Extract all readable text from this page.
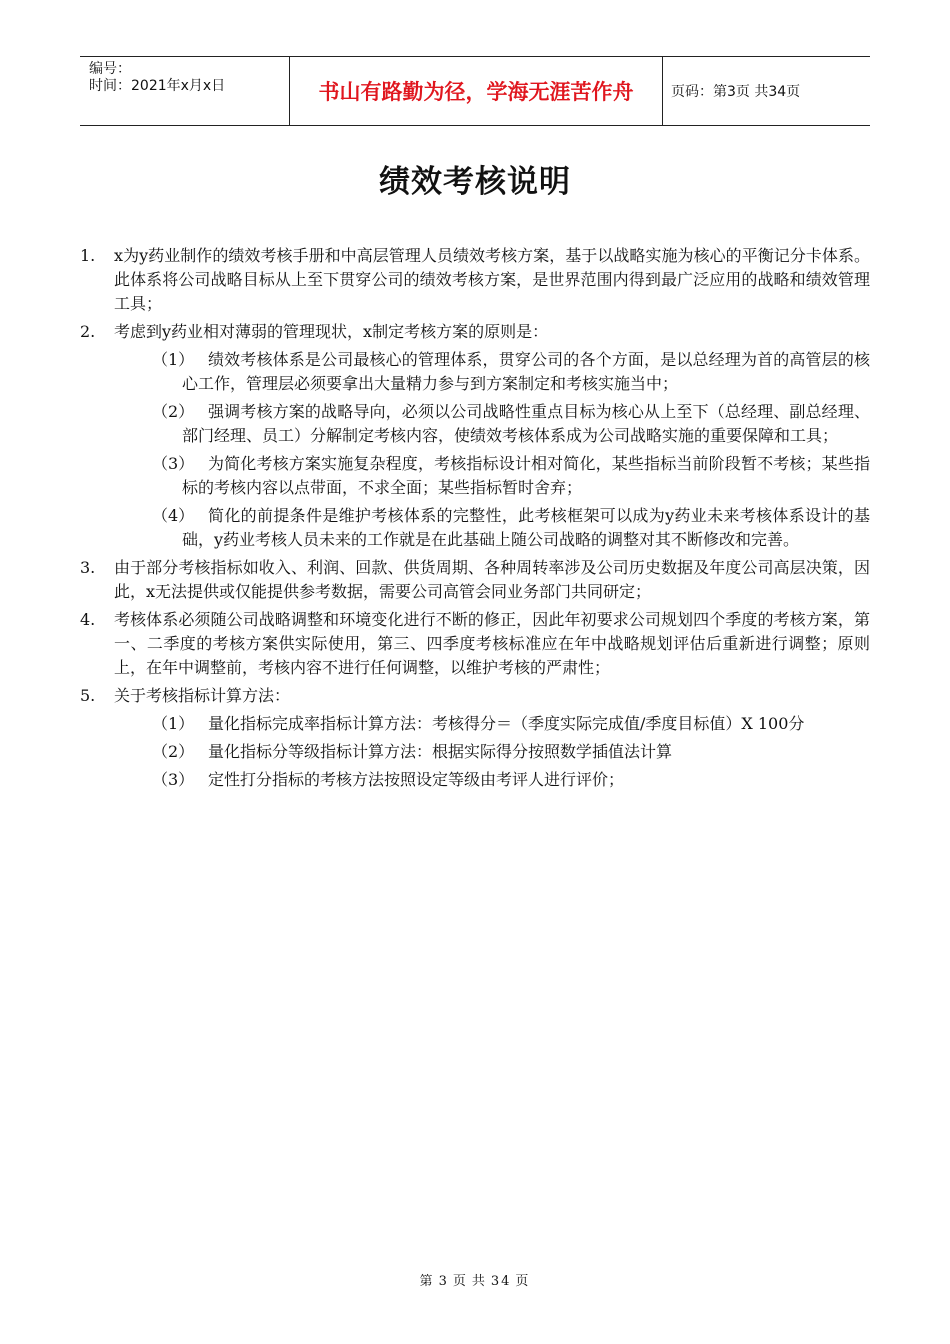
编号：
时间：2021年x月x日	书山有路勤为径，学海无涯苦作舟	页码：第3页 共34页
绩效考核说明
1. x为y药业制作的绩效考核手册和中高层管理人员绩效考核方案，基于以战略实施为核心的平衡记分卡体系。此体系将公司战略目标从上至下贯穿公司的绩效考核方案，是世界范围内得到最广泛应用的战略和绩效管理工具；
2. 考虑到y药业相对薄弱的管理现状，x制定考核方案的原则是：
（1） 绩效考核体系是公司最核心的管理体系，贯穿公司的各个方面，是以总经理为首的高管层的核心工作，管理层必须要拿出大量精力参与到方案制定和考核实施当中；
（2） 强调考核方案的战略导向，必须以公司战略性重点目标为核心从上至下（总经理、副总经理、部门经理、员工）分解制定考核内容，使绩效考核体系成为公司战略实施的重要保障和工具；
（3） 为简化考核方案实施复杂程度，考核指标设计相对简化，某些指标当前阶段暂不考核；某些指标的考核内容以点带面，不求全面；某些指标暂时舍弃；
（4） 简化的前提条件是维护考核体系的完整性，此考核框架可以成为y药业未来考核体系设计的基础，y药业考核人员未来的工作就是在此基础上随公司战略的调整对其不断修改和完善。
3. 由于部分考核指标如收入、利润、回款、供货周期、各种周转率涉及公司历史数据及年度公司高层决策，因此，x无法提供或仅能提供参考数据，需要公司高管会同业务部门共同研定；
4. 考核体系必须随公司战略调整和环境变化进行不断的修正，因此年初要求公司规划四个季度的考核方案，第一、二季度的考核方案供实际使用，第三、四季度考核标准应在年中战略规划评估后重新进行调整；原则上，在年中调整前，考核内容不进行任何调整，以维护考核的严肃性；
5. 关于考核指标计算方法：
（1） 量化指标完成率指标计算方法：考核得分＝（季度实际完成值/季度目标值）X 100分
（2） 量化指标分等级指标计算方法：根据实际得分按照数学插值法计算
（3） 定性打分指标的考核方法按照设定等级由考评人进行评价；
第 3 页 共 34 页
